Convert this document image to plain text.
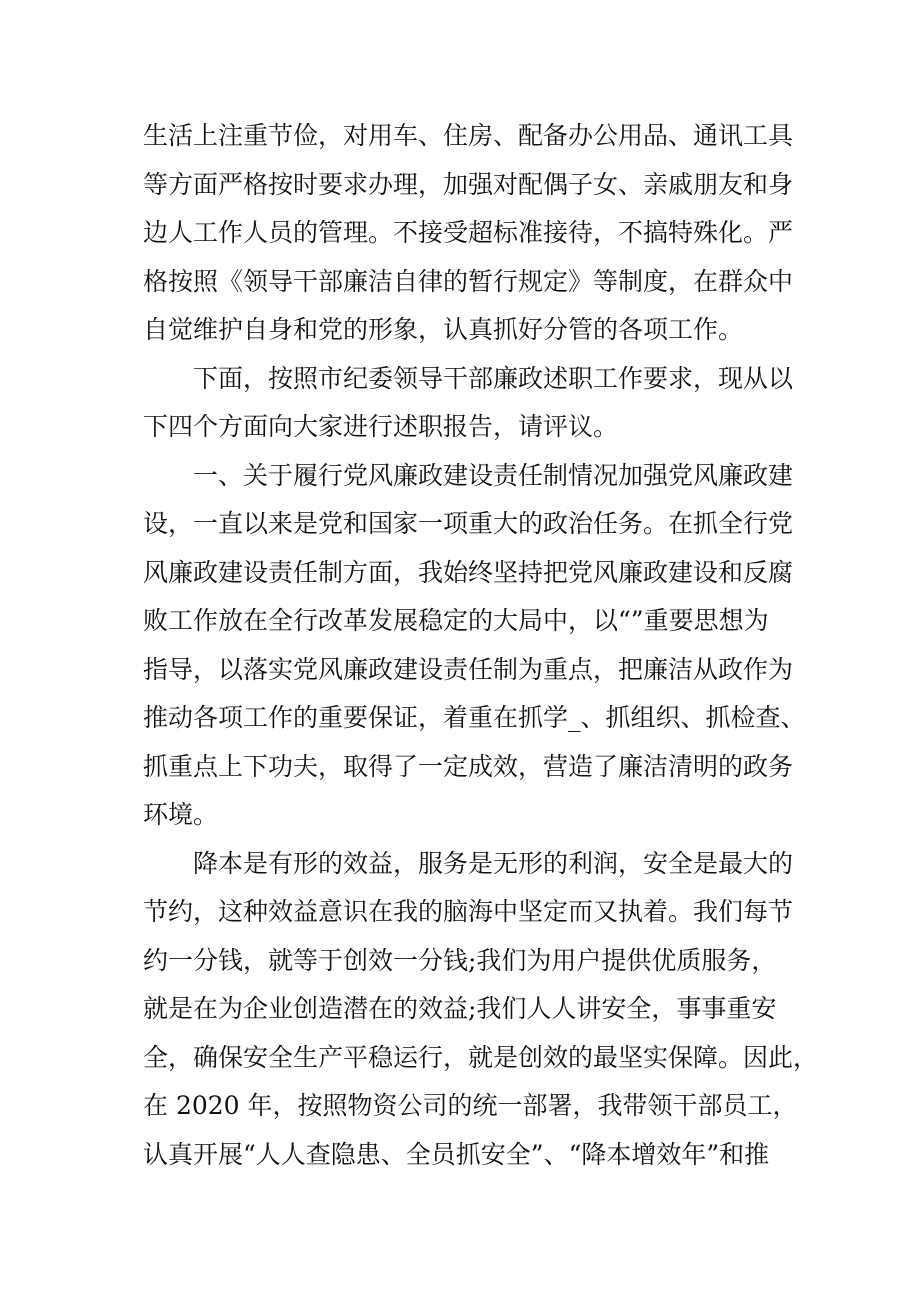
生活上注重节俭，对用车、住房、配备办公用品、通讯工具
等方面严格按时要求办理，加强对配偶子女、亲戚朋友和身
边人工作人员的管理。不接受超标准接待，不搞特殊化。严
格按照《领导干部廉洁自律的暂行规定》等制度，在群众中
自觉维护自身和党的形象，认真抓好分管的各项工作。
下面，按照市纪委领导干部廉政述职工作要求，现从以
下四个方面向大家进行述职报告，请评议。
一、关于履行党风廉政建设责任制情况加强党风廉政建
设，一直以来是党和国家一项重大的政治任务。在抓全行党
风廉政建设责任制方面，我始终坚持把党风廉政建设和反腐
败工作放在全行改革发展稳定的大局中，以“”重要思想为
指导，以落实党风廉政建设责任制为重点，把廉洁从政作为
推动各项工作的重要保证，着重在抓学_、抓组织、抓检查、
抓重点上下功夫，取得了一定成效，营造了廉洁清明的政务
环境。
降本是有形的效益，服务是无形的利润，安全是最大的
节约，这种效益意识在我的脑海中坚定而又执着。我们每节
约一分钱，就等于创效一分钱;我们为用户提供优质服务，
就是在为企业创造潜在的效益;我们人人讲安全，事事重安
全，确保安全生产平稳运行，就是创效的最坚实保障。因此，
在 2020 年，按照物资公司的统一部署，我带领干部员工，
认真开展“人人查隐患、全员抓安全”、“降本增效年”和推
